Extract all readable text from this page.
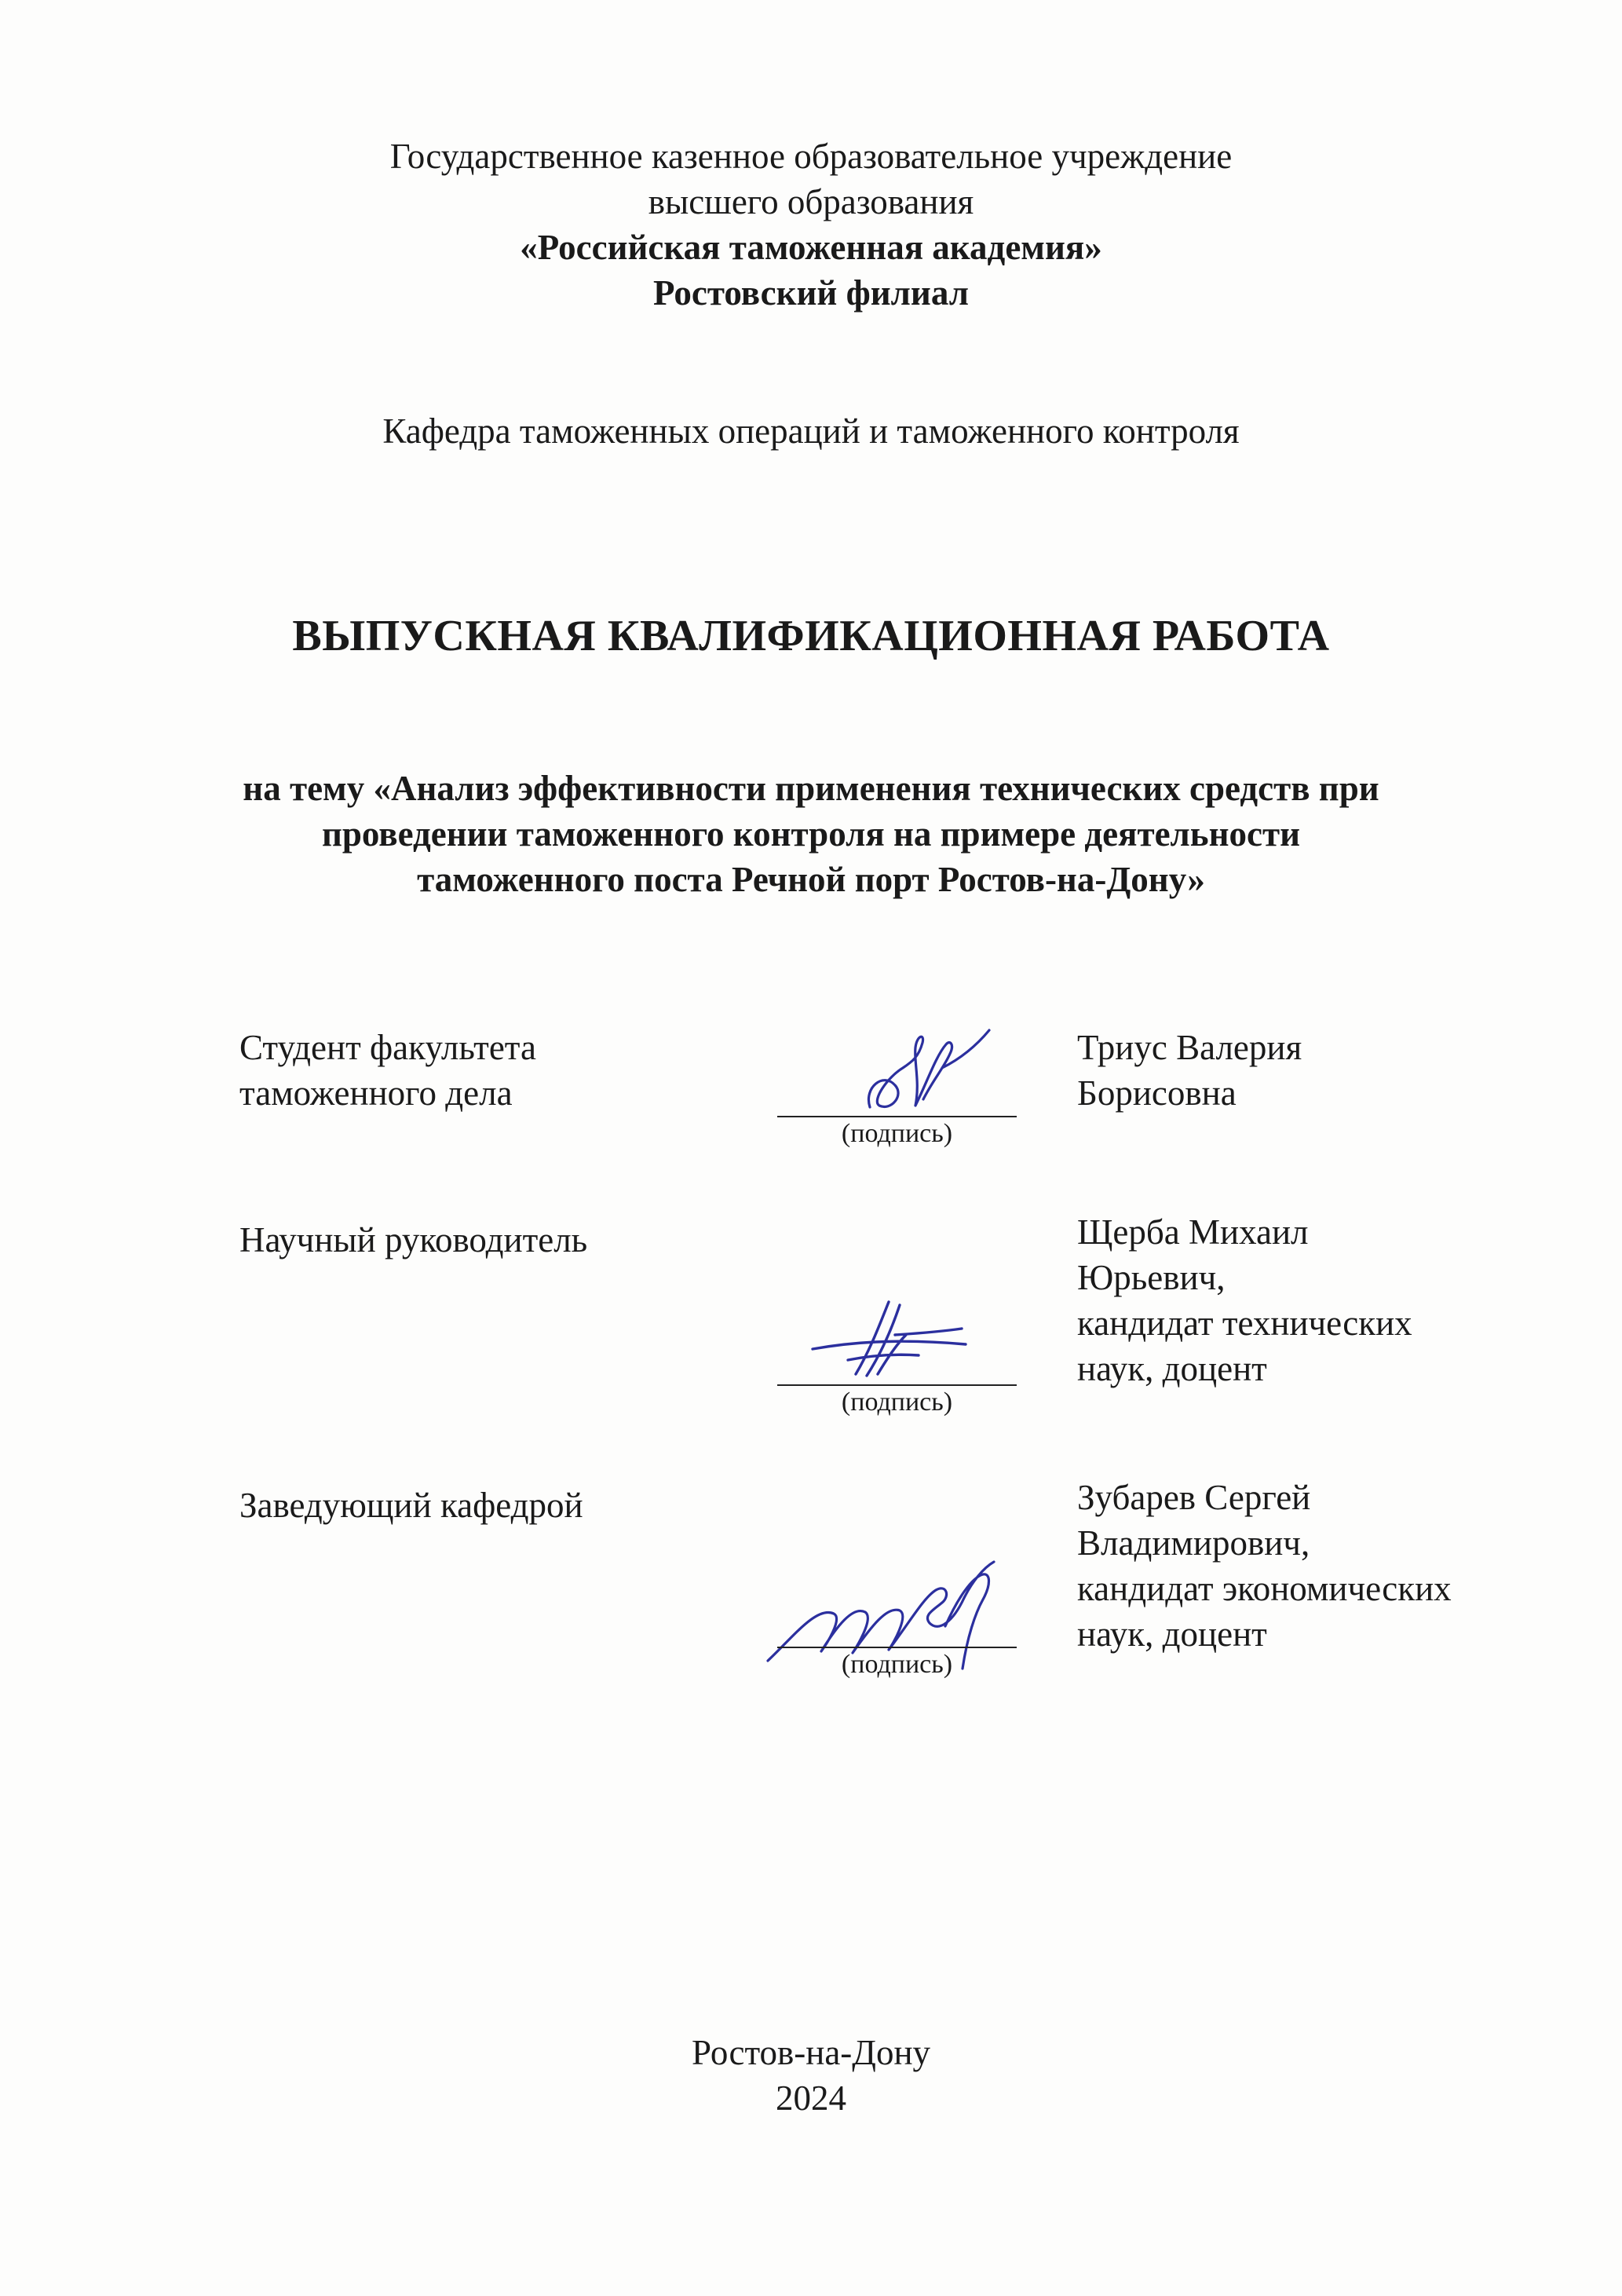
Государственное казенное образовательное учреждение
высшего образования
«Российская таможенная академия»
Ростовский филиал
Кафедра таможенных операций и таможенного контроля
ВЫПУСКНАЯ КВАЛИФИКАЦИОННАЯ РАБОТА
на тему «Анализ эффективности применения технических средств при
проведении таможенного контроля на примере деятельности
таможенного поста Речной порт Ростов-на-Дону»
Студент факультета
таможенного дела
(подпись)
Триус Валерия
Борисовна
Научный руководитель
(подпись)
Щерба Михаил
Юрьевич,
кандидат технических
наук, доцент
Заведующий кафедрой
(подпись)
Зубарев Сергей
Владимирович,
кандидат экономических
наук, доцент
Ростов-на-Дону
2024
